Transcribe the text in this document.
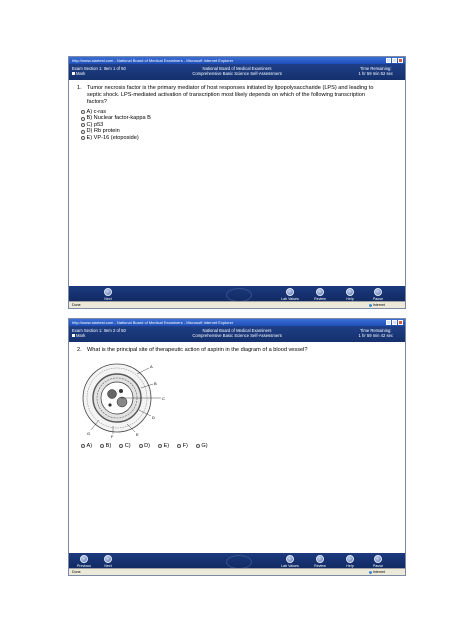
http://www.startest.com - National Board of Medical Examiners - Microsoft Internet Explorer
Exam Section 1: Item 1 of 50
Mark
National Board of Medical Examiners
Comprehensive Basic Science Self-Assessment
Time Remaining:
1 hr 59 min 52 sec
1. Tumor necrosis factor is the primary mediator of host responses initiated by lipopolysaccharide (LPS) and leading to septic shock. LPS-mediated activation of transcription most likely depends on which of the following transcription factors?
A) c-ras
B) Nuclear factor-kappa B
C) p53
D) Rb protein
E) VP-16 (etoposide)
Next	Lab Values	Review	Help	Pause
Done	Internet
http://www.startest.com - National Board of Medical Examiners - Microsoft Internet Explorer
Exam Section 1: Item 2 of 50
Mark
National Board of Medical Examiners
Comprehensive Basic Science Self-Assessment
Time Remaining:
1 hr 59 min 42 sec
2. What is the principal site of therapeutic action of aspirin in the diagram of a blood vessel?
A
B
C
D
E
F
G
A) B) C) D) E) F) G)
Previous	Next	Lab Values	Review	Help	Pause
Done	Internet
